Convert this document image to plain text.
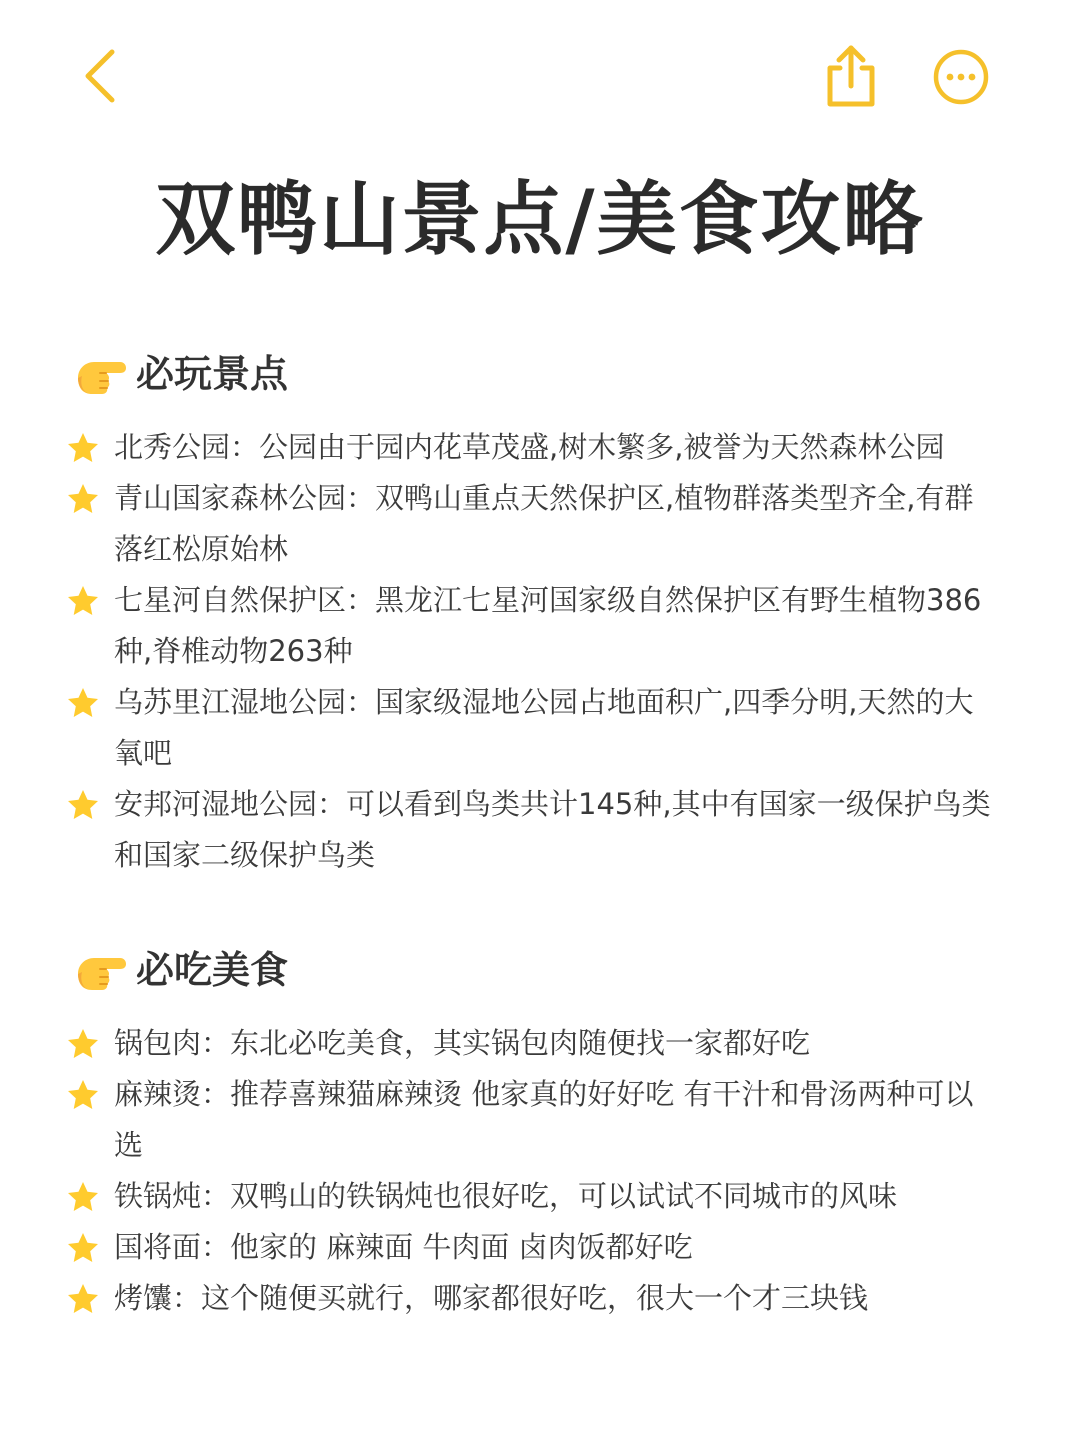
双鸭山景点/美食攻略
必玩景点
北秀公园：公园由于园内花草茂盛,树木繁多,被誉为天然森林公园
青山国家森林公园：双鸭山重点天然保护区,植物群落类型齐全,有群落红松原始林
七星河自然保护区：黑龙江七星河国家级自然保护区有野生植物386种,脊椎动物263种
乌苏里江湿地公园：国家级湿地公园占地面积广,四季分明,天然的大氧吧
安邦河湿地公园：可以看到鸟类共计145种,其中有国家一级保护鸟类和国家二级保护鸟类
必吃美食
锅包肉：东北必吃美食，其实锅包肉随便找一家都好吃
麻辣烫：推荐喜辣猫麻辣烫 他家真的好好吃 有干汁和骨汤两种可以选
铁锅炖：双鸭山的铁锅炖也很好吃，可以试试不同城市的风味
国将面：他家的 麻辣面 牛肉面 卤肉饭都好吃
烤馕：这个随便买就行，哪家都很好吃，很大一个才三块钱
